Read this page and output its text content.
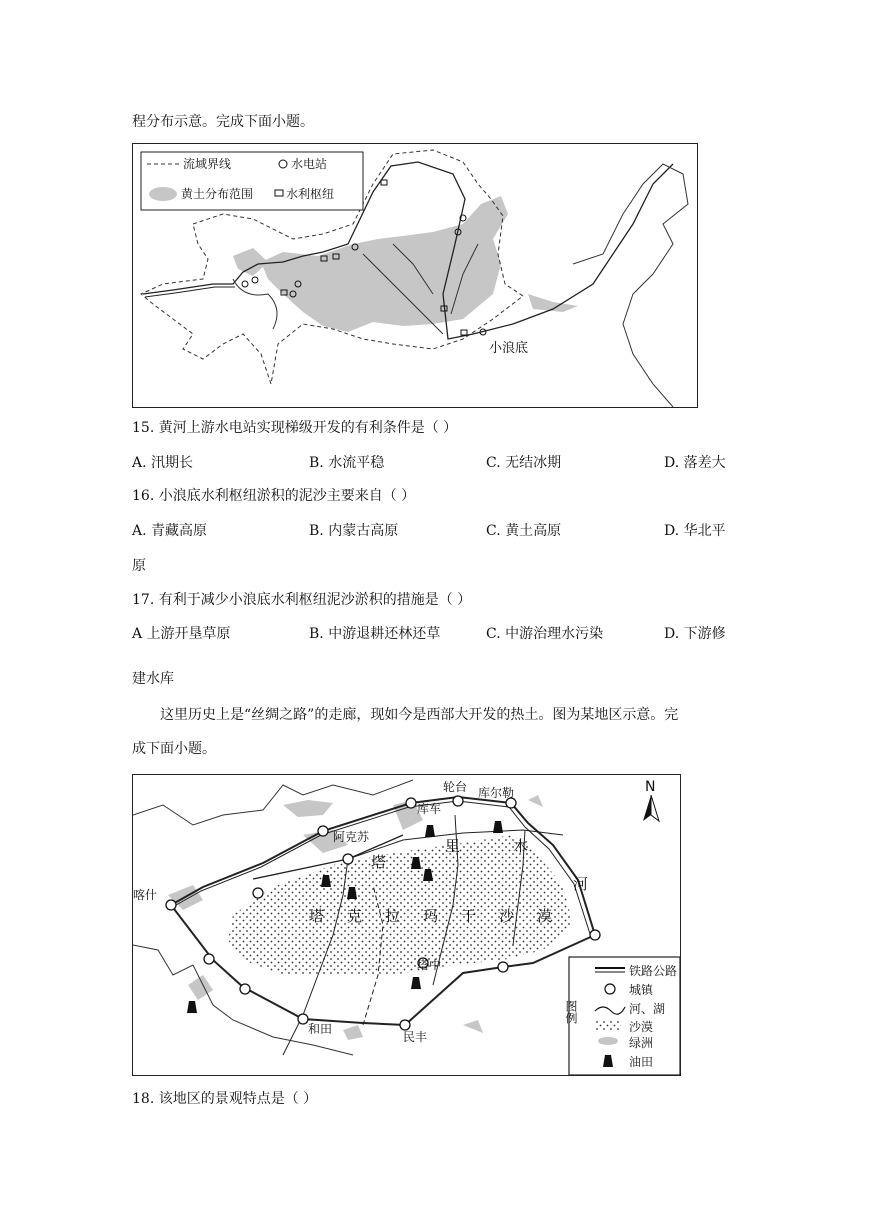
程分布示意。完成下面小题。
流域界线	水电站
黄土分布范围	水利枢纽
小浪底
15. 黄河上游水电站实现梯级开发的有利条件是（ ）
A. 汛期长	B. 水流平稳	C. 无结冰期	D. 落差大
16. 小浪底水利枢纽淤积的泥沙主要来自（ ）
A. 青藏高原	B. 内蒙古高原	C. 黄土高原	D. 华北平
原
17. 有利于减少小浪底水利枢纽泥沙淤积的措施是（ ）
A 上游开垦草原	B. 中游退耕还林还草	C. 中游治理水污染	D. 下游修
建水库
这里历史上是“丝绸之路”的走廊，现如今是西部大开发的热土。图为某地区示意。完
成下面小题。
喀什
阿克苏
库车
轮台 库尔勒
塔中
和田
民丰
塔
里	木
河
塔 克 拉 玛 干 沙 漠
N
图例
铁路公路
城镇
河、湖
沙漠
绿洲
油田
18. 该地区的景观特点是（ ）
